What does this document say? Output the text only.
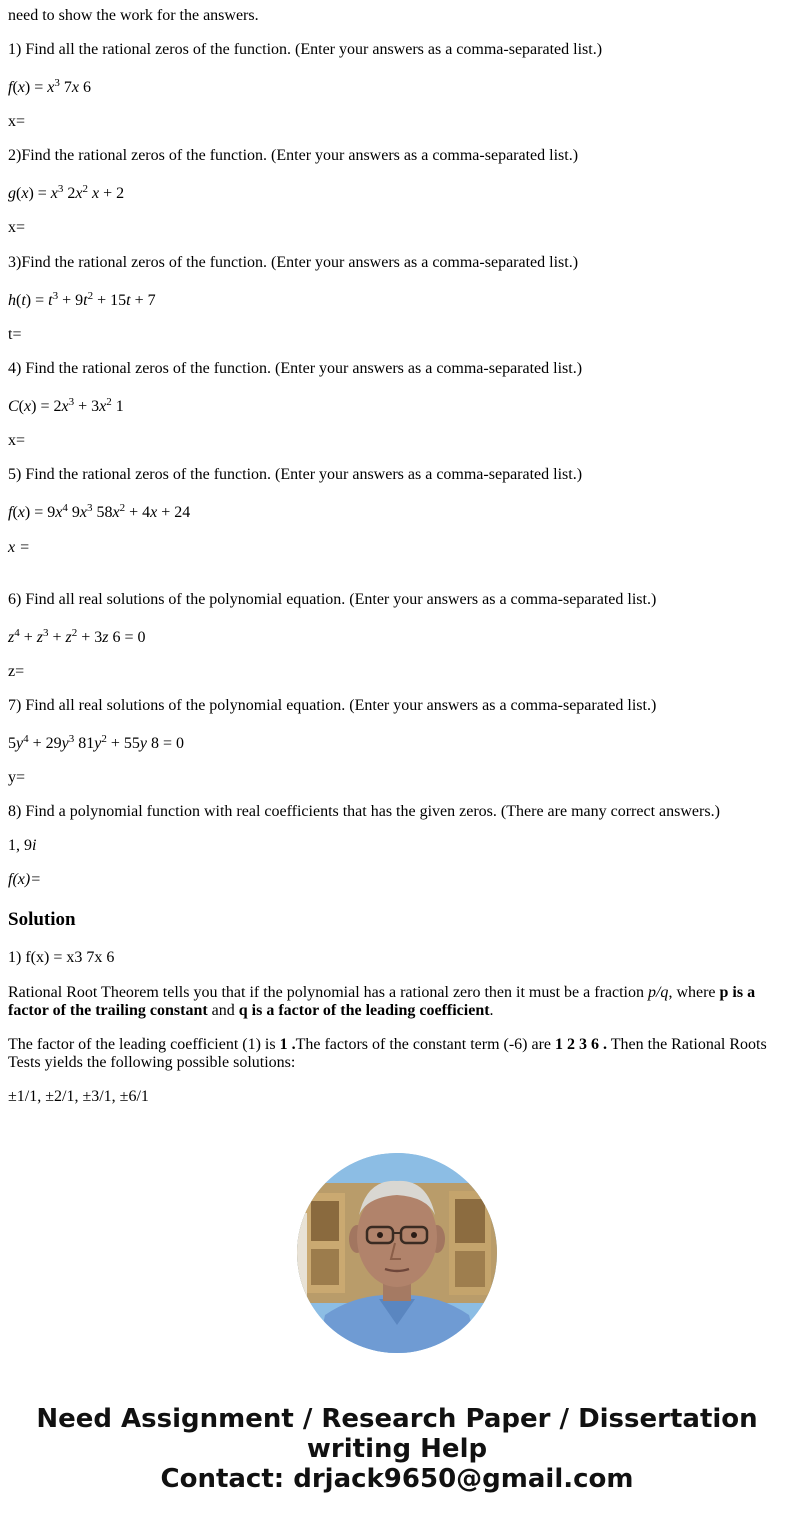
need to show the work for the answers.

1) Find all the rational zeros of the function. (Enter your answers as a comma-separated list.)

$f(x) = x^3$ 7x 6

x=

2)Find the rational zeros of the function. (Enter your answers as a comma-separated list.)

$g(x) = x^3$ $2x^2$ x + 2

x=

3)Find the rational zeros of the function. (Enter your answers as a comma-separated list.)

$h(t) = t^3 + 9t^2 + 15t + 7$

t=

4) Find the rational zeros of the function. (Enter your answers as a comma-separated list.)

$C(x) = 2x^3 + 3x^2$ 1

x=

5) Find the rational zeros of the function. (Enter your answers as a comma-separated list.)

$f(x) = 9x^4$ $9x^3$ $58x^2 + 4x + 24$

x =

6) Find all real solutions of the polynomial equation. (Enter your answers as a comma-separated list.)

$z^4 + z^3 + z^2 + 3z$ 6 = 0

z=

7) Find all real solutions of the polynomial equation. (Enter your answers as a comma-separated list.)

$5y^4 + 29y^3$ $81y^2 + 55y$ 8 = 0

y=

8) Find a polynomial function with real coefficients that has the given zeros. (There are many correct answers.)

1, 9i

f(x)=

Solution

1) f(x) = x3 7x 6

Rational Root Theorem tells you that if the polynomial has a rational zero then it must be a fraction p/q, where p is a factor of the trailing constant and q is a factor of the leading coefficient.

The factor of the leading coefficient (1) is 1 .The factors of the constant term (-6) are 1 2 3 6 . Then the Rational Roots Tests yields the following possible solutions:

±1/1, ±2/1, ±3/1, ±6/1

Need Assignment / Research Paper / Dissertation
writing Help
Contact: drjack9650@gmail.com
